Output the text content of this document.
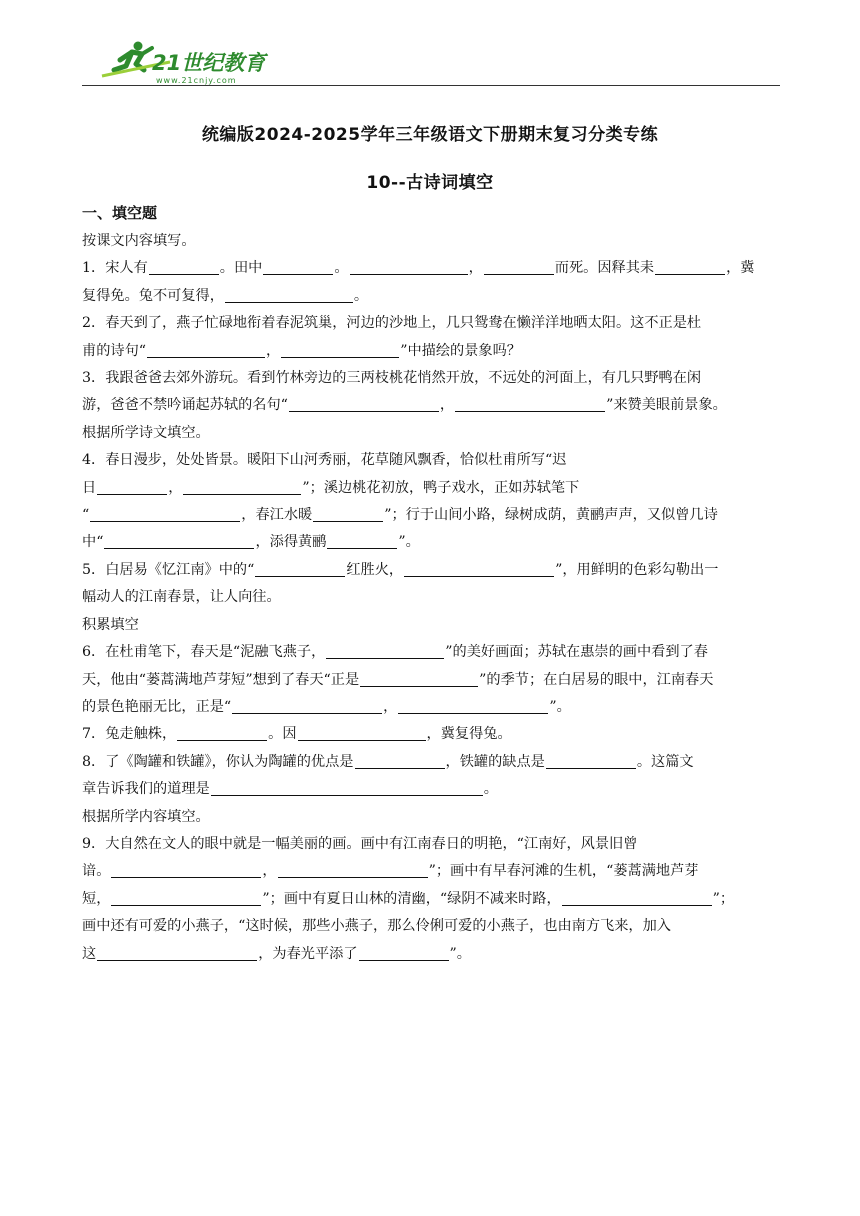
21世纪教育
www.21cnjy.com
统编版2024-2025学年三年级语文下册期末复习分类专练
10--古诗词填空
一、填空题

按课文内容填写。

1．宋人有	。田中	。	，	而死。因释其耒	，冀

复得免。兔不可复得，	。

2．春天到了，燕子忙碌地衔着春泥筑巢，河边的沙地上，几只鸳鸯在懒洋洋地晒太阳。这不正是杜

甫的诗句“	，	”中描绘的景象吗？

3．我跟爸爸去郊外游玩。看到竹林旁边的三两枝桃花悄然开放，不远处的河面上，有几只野鸭在闲

游，爸爸不禁吟诵起苏轼的名句“	，	”来赞美眼前景象。

根据所学诗文填空。

4．春日漫步，处处皆景。暖阳下山河秀丽，花草随风飘香，恰似杜甫所写“迟

日	，	”；溪边桃花初放，鸭子戏水，正如苏轼笔下

“	，春江水暖	”；行于山间小路，绿树成荫，黄鹂声声，又似曾几诗

中“	，添得黄鹂	”。

5．白居易《忆江南》中的“	红胜火，	”，用鲜明的色彩勾勒出一

幅动人的江南春景，让人向往。

积累填空

6．在杜甫笔下，春天是“泥融飞燕子，	”的美好画面；苏轼在惠崇的画中看到了春

天，他由“蒌蒿满地芦芽短”想到了春天“正是	”的季节；在白居易的眼中，江南春天

的景色艳丽无比，正是“	，	”。

7．兔走触株，	。因	，冀复得兔。

8．了《陶罐和铁罐》，你认为陶罐的优点是	，铁罐的缺点是	。这篇文

章告诉我们的道理是	。

根据所学内容填空。

9．大自然在文人的眼中就是一幅美丽的画。画中有江南春日的明艳，“江南好，风景旧曾

谙。	，	”；画中有早春河滩的生机，“蒌蒿满地芦芽

短，	”；画中有夏日山林的清幽，“绿阴不减来时路，	”；

画中还有可爱的小燕子，“这时候，那些小燕子，那么伶俐可爱的小燕子，也由南方飞来，加入

这	，为春光平添了	”。
